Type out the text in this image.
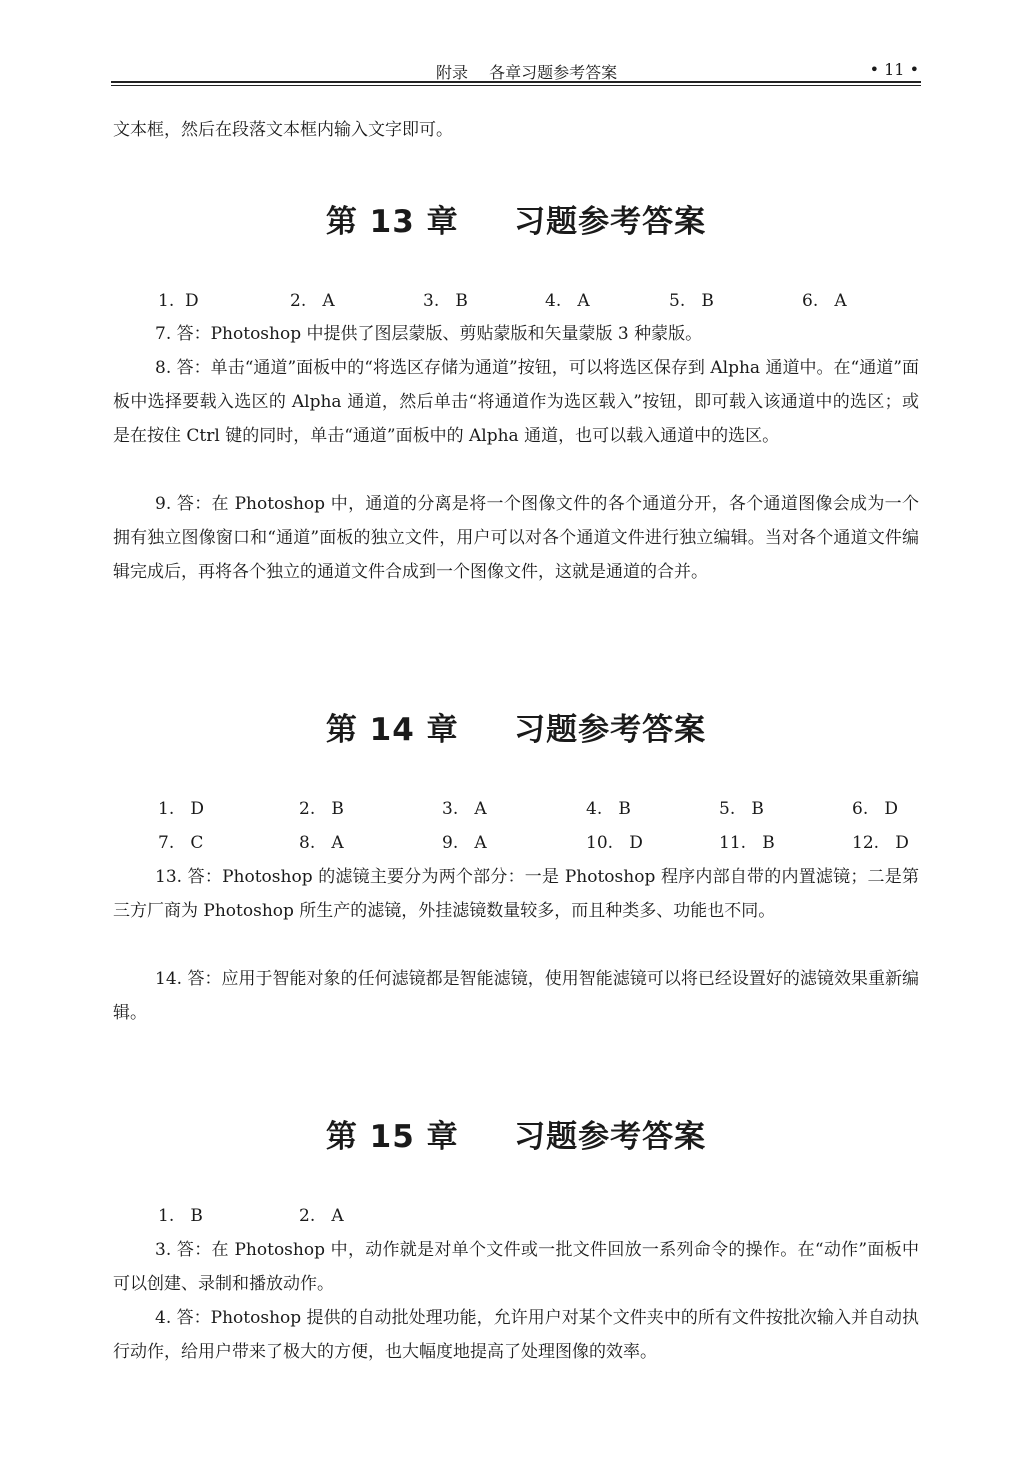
附录　 各章习题参考答案	• 11 •
文本框，然后在段落文本框内输入文字即可。
第 13 章　  习题参考答案
1.  D	2.   A	3.   B	4.   A	5.   B	6.   A
7. 答：Photoshop 中提供了图层蒙版、剪贴蒙版和矢量蒙版 3 种蒙版。
8. 答：单击“通道”面板中的“将选区存储为通道”按钮，可以将选区保存到 Alpha 通道中。在“通道”面板中选择要载入选区的 Alpha 通道，然后单击“将通道作为选区载入”按钮，即可载入该通道中的选区；或是在按住 Ctrl 键的同时，单击“通道”面板中的 Alpha 通道，也可以载入通道中的选区。
9. 答：在 Photoshop 中，通道的分离是将一个图像文件的各个通道分开，各个通道图像会成为一个拥有独立图像窗口和“通道”面板的独立文件，用户可以对各个通道文件进行独立编辑。当对各个通道文件编辑完成后，再将各个独立的通道文件合成到一个图像文件，这就是通道的合并。
第 14 章　  习题参考答案
1.   D	2.   B	3.   A	4.   B	5.   B	6.   D
7.   C	8.   A	9.   A	10.   D	11.   B	12.   D
13. 答：Photoshop 的滤镜主要分为两个部分：一是 Photoshop 程序内部自带的内置滤镜；二是第三方厂商为 Photoshop 所生产的滤镜，外挂滤镜数量较多，而且种类多、功能也不同。
14. 答：应用于智能对象的任何滤镜都是智能滤镜，使用智能滤镜可以将已经设置好的滤镜效果重新编辑。
第 15 章　  习题参考答案
1.   B	2.   A
3. 答：在 Photoshop 中，动作就是对单个文件或一批文件回放一系列命令的操作。在“动作”面板中可以创建、录制和播放动作。
4. 答：Photoshop 提供的自动批处理功能，允许用户对某个文件夹中的所有文件按批次输入并自动执行动作，给用户带来了极大的方便，也大幅度地提高了处理图像的效率。
